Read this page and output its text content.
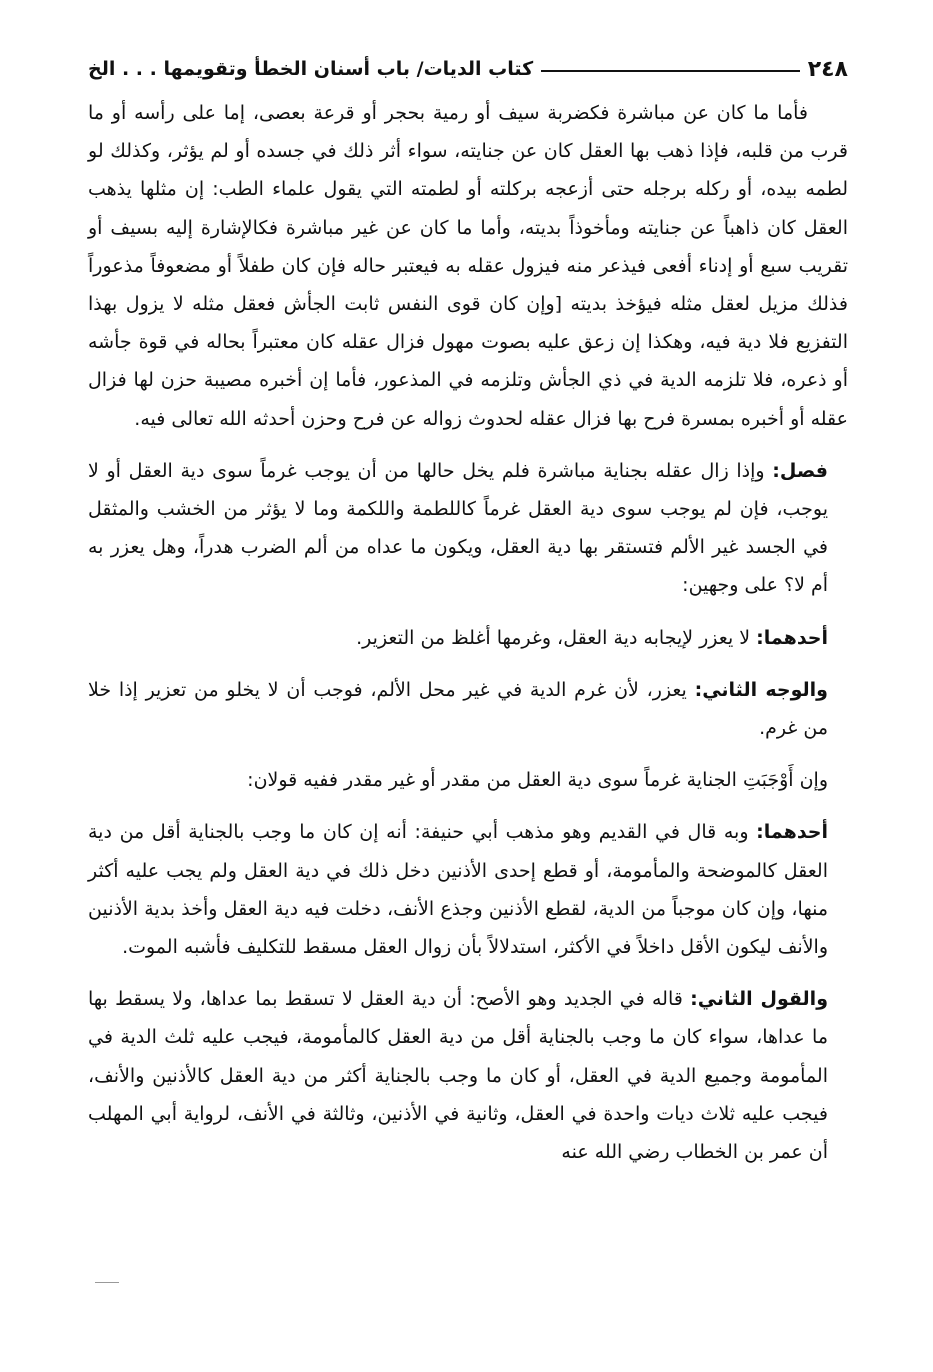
٢٤٨
كتاب الديات/ باب أسنان الخطأ وتقويمها . . . الخ

فأما ما كان عن مباشرة فكضربة سيف أو رمية بحجر أو قرعة بعصى، إما على رأسه أو ما قرب من قلبه، فإذا ذهب بها العقل كان عن جنايته، سواء أثر ذلك في جسده أو لم يؤثر، وكذلك لو لطمه بيده، أو ركله برجله حتى أزعجه بركلته أو لطمته التي يقول علماء الطب: إن مثلها يذهب العقل كان ذاهباً عن جنايته ومأخوذاً بديته، وأما ما كان عن غير مباشرة فكالإشارة إليه بسيف أو تقريب سبع أو إدناء أفعى فيذعر منه فيزول عقله به فيعتبر حاله فإن كان طفلاً أو مضعوفاً مذعوراً فذلك مزيل لعقل مثله فيؤخذ بديته [وإن كان قوى النفس ثابت الجأش فعقل مثله لا يزول بهذا التفزيع فلا دية فيه، وهكذا إن زعق عليه بصوت مهول فزال عقله كان معتبراً بحاله في قوة جأشه أو ذعره، فلا تلزمه الدية في ذي الجأش وتلزمه في المذعور، فأما إن أخبره مصيبة حزن لها فزال عقله أو أخبره بمسرة فرح بها فزال عقله لحدوث زواله عن فرح وحزن أحدثه الله تعالى فيه.

فصل: وإذا زال عقله بجناية مباشرة فلم يخل حالها من أن يوجب غرماً سوى دية العقل أو لا يوجب، فإن لم يوجب سوى دية العقل غرماً كاللطمة واللكمة وما لا يؤثر من الخشب والمثقل في الجسد غير الألم فتستقر بها دية العقل، ويكون ما عداه من ألم الضرب هدراً، وهل يعزر به أم لا؟ على وجهين:

أحدهما: لا يعزر لإيجابه دية العقل، وغرمها أغلظ من التعزير.

والوجه الثاني: يعزر، لأن غرم الدية في غير محل الألم، فوجب أن لا يخلو من تعزير إذا خلا من غرم.

وإن أَوْجَبَتِ الجناية غرماً سوى دية العقل من مقدر أو غير مقدر ففيه قولان:

أحدهما: وبه قال في القديم وهو مذهب أبي حنيفة: أنه إن كان ما وجب بالجناية أقل من دية العقل كالموضحة والمأمومة، أو قطع إحدى الأذنين دخل ذلك في دية العقل ولم يجب عليه أكثر منها، وإن كان موجباً من الدية، لقطع الأذنين وجذع الأنف، دخلت فيه دية العقل وأخذ بدية الأذنين والأنف ليكون الأقل داخلاً في الأكثر، استدلالاً بأن زوال العقل مسقط للتكليف فأشبه الموت.

والقول الثاني: قاله في الجديد وهو الأصح: أن دية العقل لا تسقط بما عداها، ولا يسقط بها ما عداها، سواء كان ما وجب بالجناية أقل من دية العقل كالمأمومة، فيجب عليه ثلث الدية في المأمومة وجميع الدية في العقل، أو كان ما وجب بالجناية أكثر من دية العقل كالأذنين والأنف، فيجب عليه ثلاث ديات واحدة في العقل، وثانية في الأذنين، وثالثة في الأنف، لرواية أبي المهلب أن عمر بن الخطاب رضي الله عنه
